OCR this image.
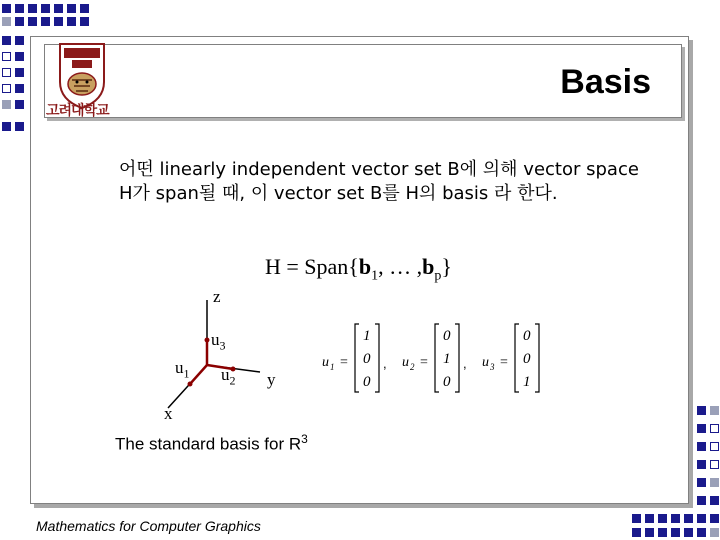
Basis
고려대학교
어떤 linearly independent vector set B에 의해 vector space
H가 span될 때, 이 vector set B를 H의 basis 라 한다.
$H = Span\{b_1$, … $,b_p$}
z
y
x
$u_3$
$u_2$
$u_1$
u 1 =
1
0
0
, u 2 =
0
1
0
, u 3 =
0
0
1
The standard basis for $R^3$
Mathematics for Computer Graphics
